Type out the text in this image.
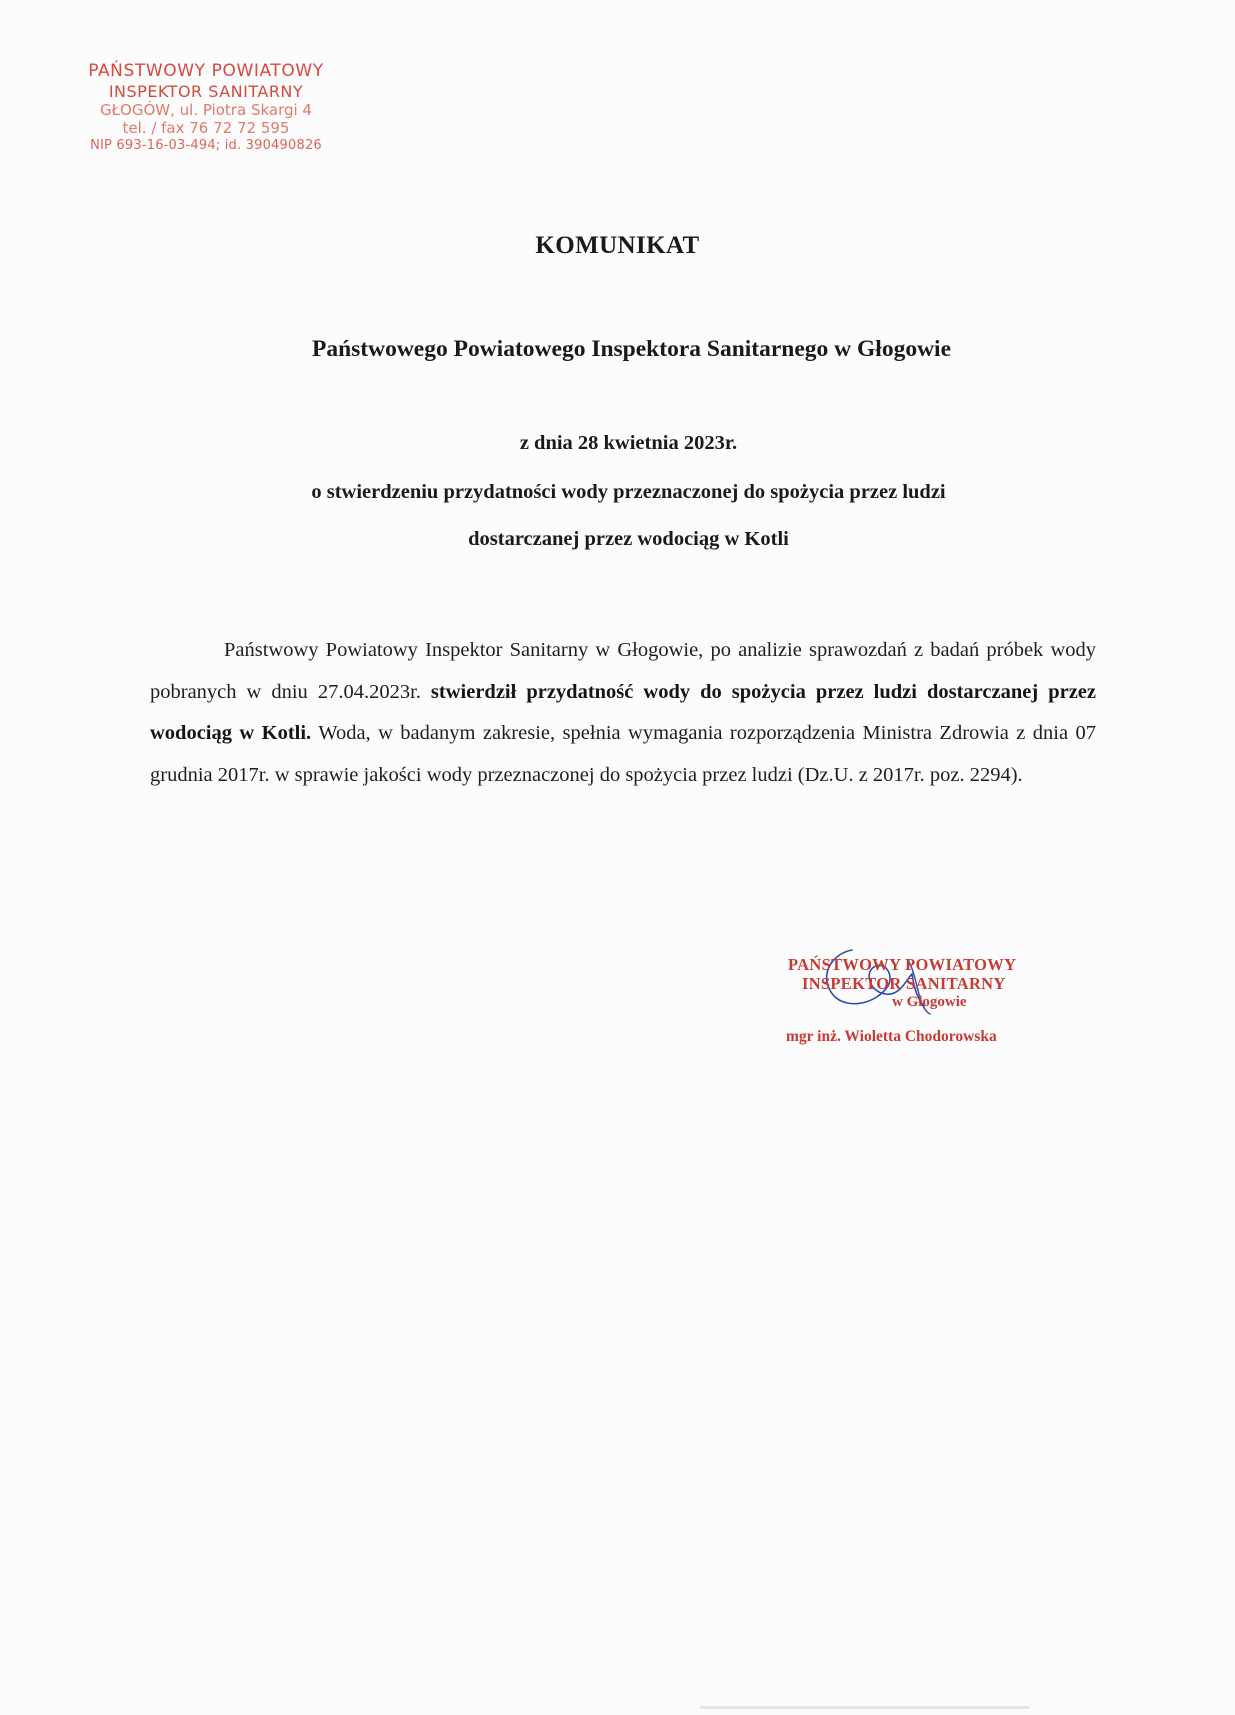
PAŃSTWOWY POWIATOWY
INSPEKTOR SANITARNY
GŁOGÓW, ul. Piotra Skargi 4
tel. / fax 76 72 72 595
NIP 693-16-03-494; id. 390490826
KOMUNIKAT
Państwowego Powiatowego Inspektora Sanitarnego w Głogowie
z dnia 28 kwietnia 2023r.
o stwierdzeniu przydatności wody przeznaczonej do spożycia przez ludzi
dostarczanej przez wodociąg w Kotli
Państwowy Powiatowy Inspektor Sanitarny w Głogowie, po analizie sprawozdań z badań próbek wody pobranych w dniu 27.04.2023r. stwierdził przydatność wody do spożycia przez ludzi dostarczanej przez wodociąg w Kotli. Woda, w badanym zakresie, spełnia wymagania rozporządzenia Ministra Zdrowia z dnia 07 grudnia 2017r. w sprawie jakości wody przeznaczonej do spożycia przez ludzi (Dz.U. z 2017r. poz. 2294).
PAŃSTWOWY POWIATOWY
INSPEKTOR SANITARNY
w Głogowie
mgr inż. Wioletta Chodorowska
